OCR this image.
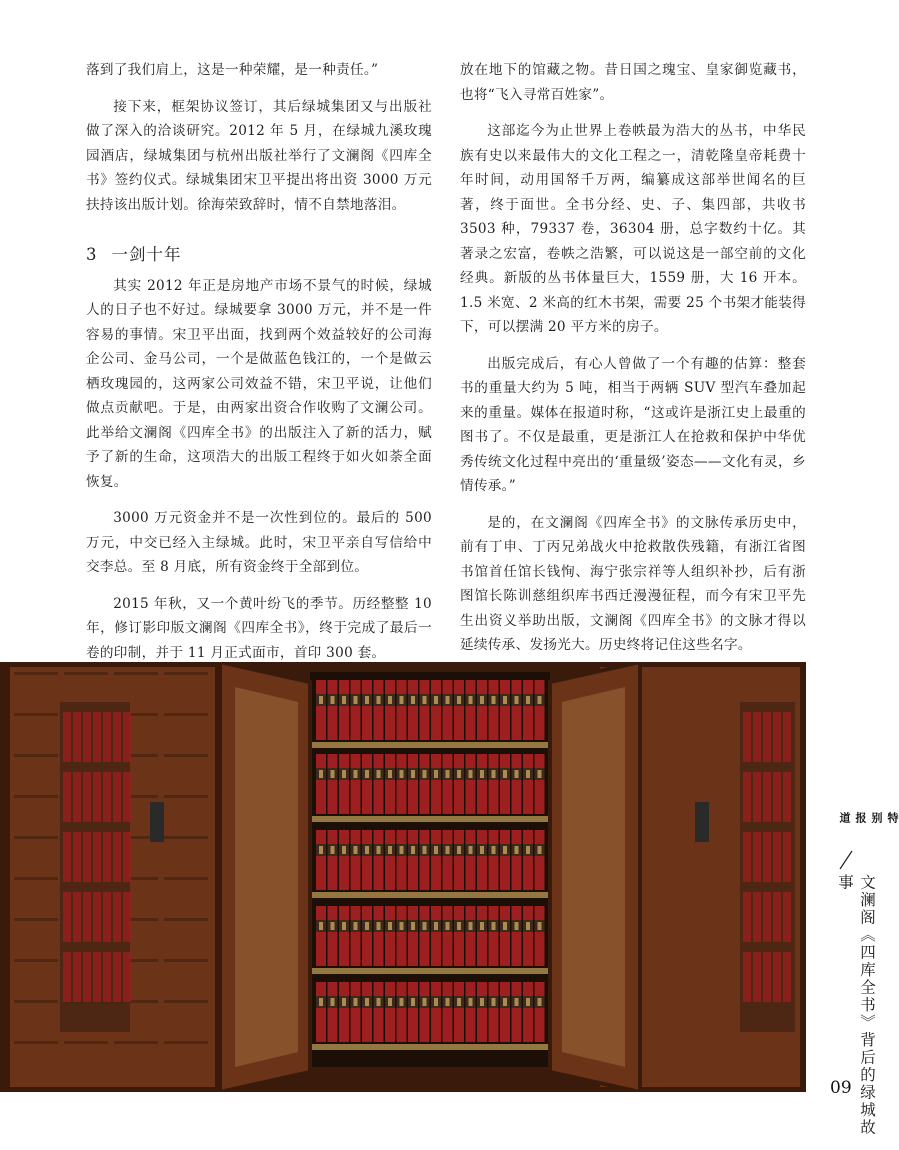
落到了我们肩上，这是一种荣耀，是一种责任。”

接下来，框架协议签订，其后绿城集团又与出版社做了深入的洽谈研究。2012 年 5 月，在绿城九溪玫瑰园酒店，绿城集团与杭州出版社举行了文澜阁《四库全书》签约仪式。绿城集团宋卫平提出将出资 3000 万元扶持该出版计划。徐海荣致辞时，情不自禁地落泪。

3 一剑十年

其实 2012 年正是房地产市场不景气的时候，绿城人的日子也不好过。绿城要拿 3000 万元，并不是一件容易的事情。宋卫平出面，找到两个效益较好的公司海企公司、金马公司，一个是做蓝色钱江的，一个是做云栖玫瑰园的，这两家公司效益不错，宋卫平说，让他们做点贡献吧。于是，由两家出资合作收购了文澜公司。此举给文澜阁《四库全书》的出版注入了新的活力，赋予了新的生命，这项浩大的出版工程终于如火如荼全面恢复。

3000 万元资金并不是一次性到位的。最后的 500 万元，中交已经入主绿城。此时，宋卫平亲自写信给中交李总。至 8 月底，所有资金终于全部到位。

2015 年秋，又一个黄叶纷飞的季节。历经整整 10 年，修订影印版文澜阁《四库全书》，终于完成了最后一卷的印制，并于 11 月正式面市，首印 300 套。

放在地下的馆藏之物。昔日国之瑰宝、皇家御览藏书，也将“飞入寻常百姓家”。

这部迄今为止世界上卷帙最为浩大的丛书，中华民族有史以来最伟大的文化工程之一，清乾隆皇帝耗费十年时间，动用国帑千万两，编纂成这部举世闻名的巨著，终于面世。全书分经、史、子、集四部，共收书 3503 种，79337 卷，36304 册，总字数约十亿。其著录之宏富，卷帙之浩繁，可以说这是一部空前的文化经典。新版的丛书体量巨大，1559 册，大 16 开本。1.5 米宽、2 米高的红木书架，需要 25 个书架才能装得下，可以摆满 20 平方米的房子。

出版完成后，有心人曾做了一个有趣的估算：整套书的重量大约为 5 吨，相当于两辆 SUV 型汽车叠加起来的重量。媒体在报道时称，“这或许是浙江史上最重的图书了。不仅是最重，更是浙江人在抢救和保护中华优秀传统文化过程中亮出的‘重量级’姿态——文化有灵，乡情传承。”

是的，在文澜阁《四库全书》的文脉传承历史中，前有丁申、丁丙兄弟战火中抢救散佚残籍，有浙江省图书馆首任馆长钱恂、海宁张宗祥等人组织补抄，后有浙图馆长陈训慈组织库书西迁漫漫征程，而今有宋卫平先生出资义举助出版，文澜阁《四库全书》的文脉才得以延续传承、发扬光大。历史终将记住这些名字。

特别报道
文澜阁《四库全书》背后的绿城故事
09
